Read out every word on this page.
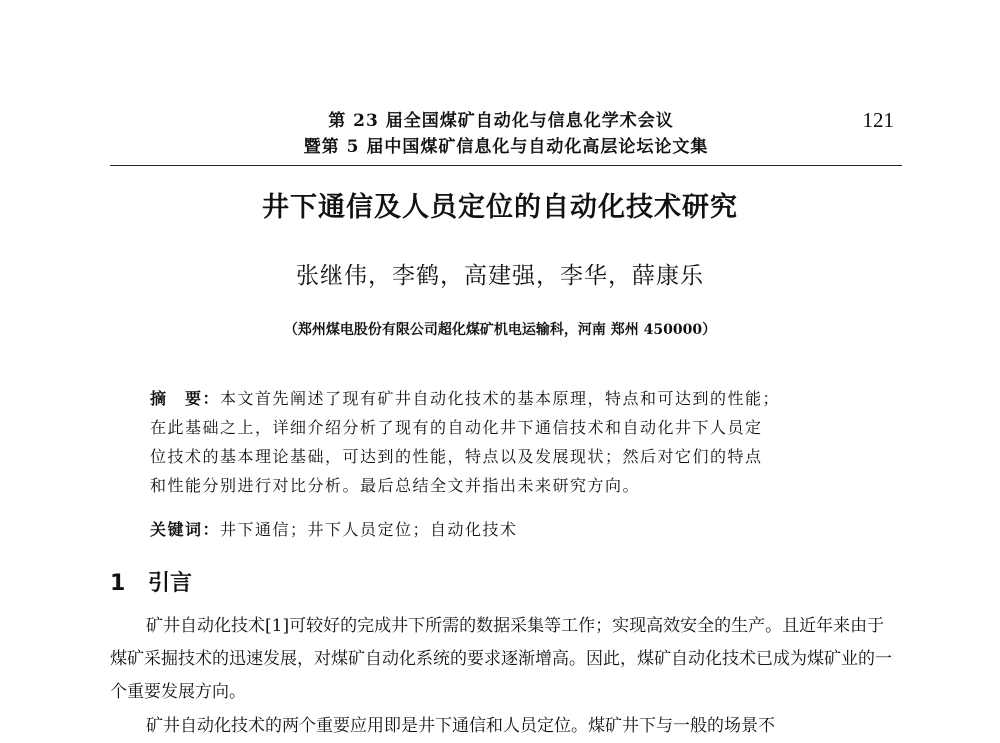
第 23 届全国煤矿自动化与信息化学术会议
暨第 5 届中国煤矿信息化与自动化高层论坛论文集
121
井下通信及人员定位的自动化技术研究
张继伟，李鹤，高建强，李华，薛康乐
（郑州煤电股份有限公司超化煤矿机电运输科，河南 郑州 450000）

摘　要：本文首先阐述了现有矿井自动化技术的基本原理，特点和可达到的性能；

在此基础之上，详细介绍分析了现有的自动化井下通信技术和自动化井下人员定

位技术的基本理论基础，可达到的性能，特点以及发展现状；然后对它们的特点

和性能分别进行对比分析。最后总结全文并指出未来研究方向。

关键词：井下通信；井下人员定位；自动化技术
1 引言

矿井自动化技术[1]可较好的完成井下所需的数据采集等工作；实现高效安全的生产。且近年来由于煤矿采掘技术的迅速发展，对煤矿自动化系统的要求逐渐增高。因此，煤矿自动化技术已成为煤矿业的一个重要发展方向。

矿井自动化技术的两个重要应用即是井下通信和人员定位。煤矿井下与一般的场景不
